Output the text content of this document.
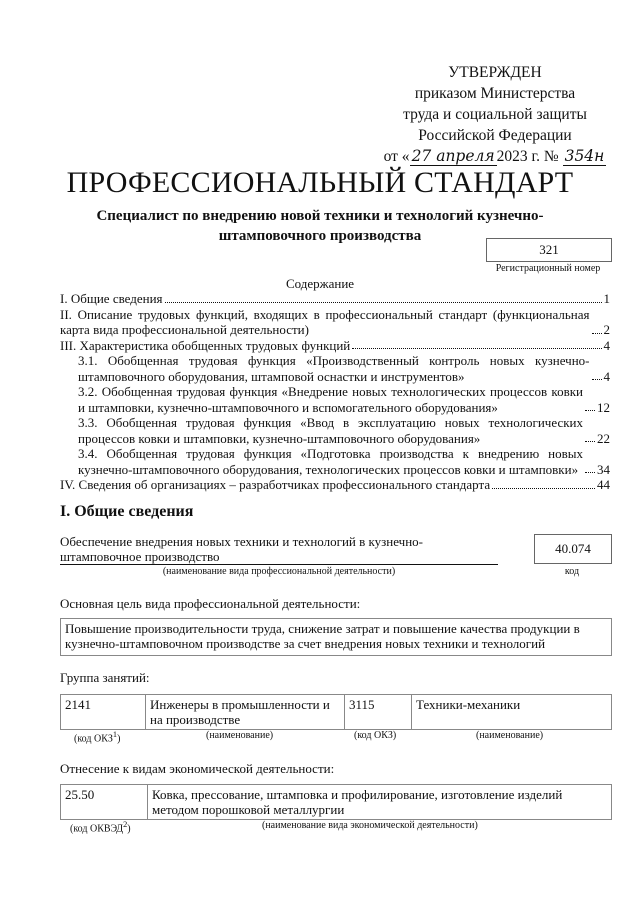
УТВЕРЖДЕН
приказом Министерства
труда и социальной защиты
Российской Федерации
от « 27 апреля 2023 г. № 354н
ПРОФЕССИОНАЛЬНЫЙ СТАНДАРТ
Специалист по внедрению новой техники и технологий кузнечно-штамповочного производства
321
Регистрационный номер
Содержание
I. Общие сведения	1
II. Описание трудовых функций, входящих в профессиональный стандарт (функциональная карта вида профессиональной деятельности)	2
III. Характеристика обобщенных трудовых функций	4
3.1. Обобщенная трудовая функция «Производственный контроль новых кузнечно-штамповочного оборудования, штамповой оснастки и инструментов»	4
3.2. Обобщенная трудовая функция «Внедрение новых технологических процессов ковки и штамповки, кузнечно-штамповочного и вспомогательного оборудования»	12
3.3. Обобщенная трудовая функция «Ввод в эксплуатацию новых технологических процессов ковки и штамповки, кузнечно-штамповочного оборудования»	22
3.4. Обобщенная трудовая функция «Подготовка производства к внедрению новых кузнечно-штамповочного оборудования, технологических процессов ковки и штамповки»	34
IV. Сведения об организациях – разработчиках профессионального стандарта	44
I. Общие сведения
Обеспечение внедрения новых техники и технологий в кузнечно-штамповочное производство
(наименование вида профессиональной деятельности)
40.074
код
Основная цель вида профессиональной деятельности:
Повышение производительности труда, снижение затрат и повышение качества продукции в кузнечно-штамповочном производстве за счет внедрения новых техники и технологий
Группа занятий:
2141	Инженеры в промышленности и на производстве	3115	Техники-механики
(код ОКЗ$^1$)	(наименование)	(код ОКЗ)	(наименование)
Отнесение к видам экономической деятельности:
25.50	Ковка, прессование, штамповка и профилирование, изготовление изделий методом порошковой металлургии
(код ОКВЭД$^2$)	(наименование вида экономической деятельности)
